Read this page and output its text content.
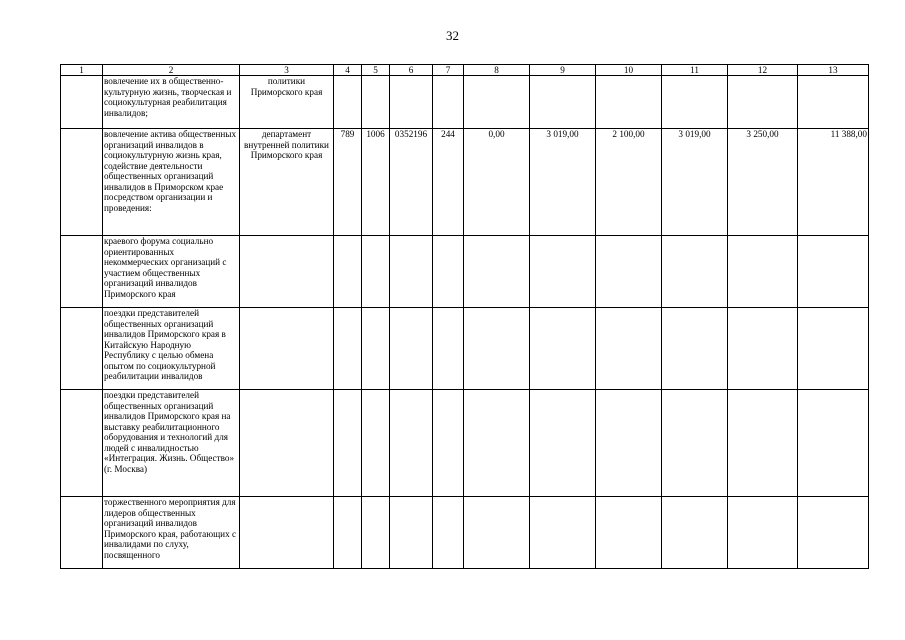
32
1	2	3	4	5	6	7	8	9	10	11	12	13
	вовлечение их в общественно-культурную жизнь, творческая и социокультурная реабилитация инвалидов;	политики Приморского края										
	вовлечение актива общественных организаций инвалидов в социокультурную жизнь края, содействие деятельности общественных организаций инвалидов в Приморском крае посредством организации и проведения:	департамент внутренней политики Приморского края	789	1006	0352196	244	0,00	3 019,00	2 100,00	3 019,00	3 250,00	11 388,00
	краевого форума социально ориентированных некоммерческих организаций с участием общественных организаций инвалидов Приморского края											
	поездки представителей общественных организаций инвалидов Приморского края в Китайскую Народную Республику с целью обмена опытом по социокультурной реабилитации инвалидов											
	поездки представителей общественных организаций инвалидов Приморского края на выставку реабилитационного оборудования и технологий для людей с инвалидностью «Интеграция. Жизнь. Общество» (г. Москва)											
	торжественного мероприятия для лидеров общественных организаций инвалидов Приморского края, работающих с инвалидами по слуху, посвященного											
